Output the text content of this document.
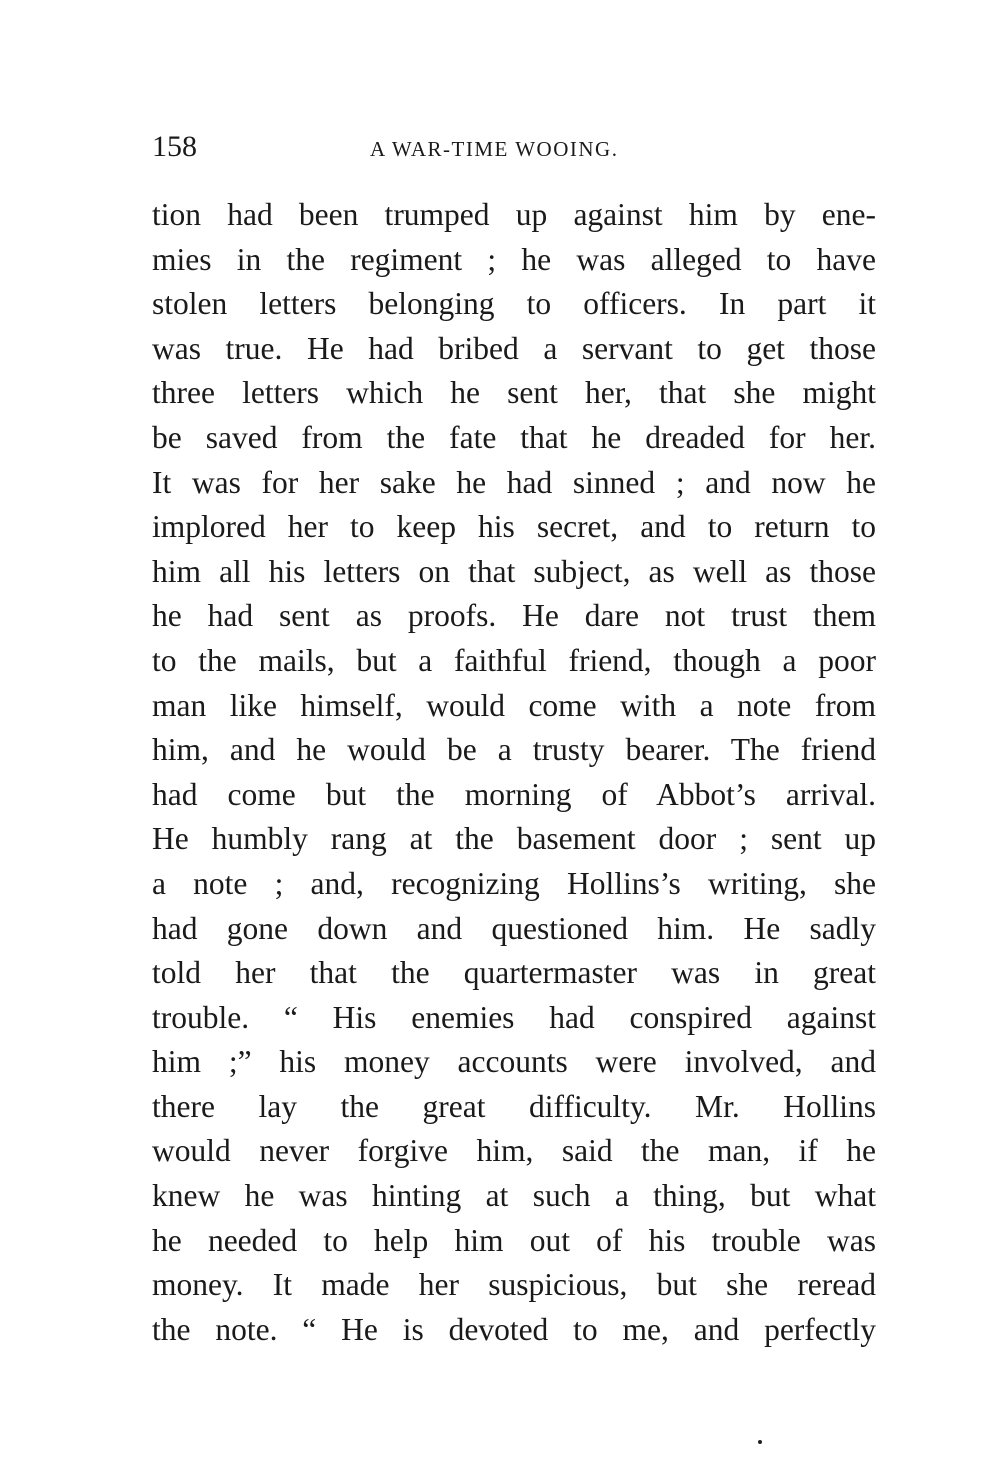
158	A WAR-TIME WOOING.
tion had been trumped up against him by ene-
mies in the regiment ; he was alleged to have
stolen letters belonging to officers. In part it
was true. He had bribed a servant to get those
three letters which he sent her, that she might
be saved from the fate that he dreaded for her.
It was for her sake he had sinned ; and now he
implored her to keep his secret, and to return to
him all his letters on that subject, as well as those
he had sent as proofs. He dare not trust them
to the mails, but a faithful friend, though a poor
man like himself, would come with a note from
him, and he would be a trusty bearer. The friend
had come but the morning of Abbot’s arrival.
He humbly rang at the basement door ; sent up
a note ; and, recognizing Hollins’s writing, she
had gone down and questioned him. He sadly
told her that the quartermaster was in great
trouble. “ His enemies had conspired against
him ;” his money accounts were involved, and
there lay the great difficulty. Mr. Hollins
would never forgive him, said the man, if he
knew he was hinting at such a thing, but what
he needed to help him out of his trouble was
money. It made her suspicious, but she reread
the note. “ He is devoted to me, and perfectly
